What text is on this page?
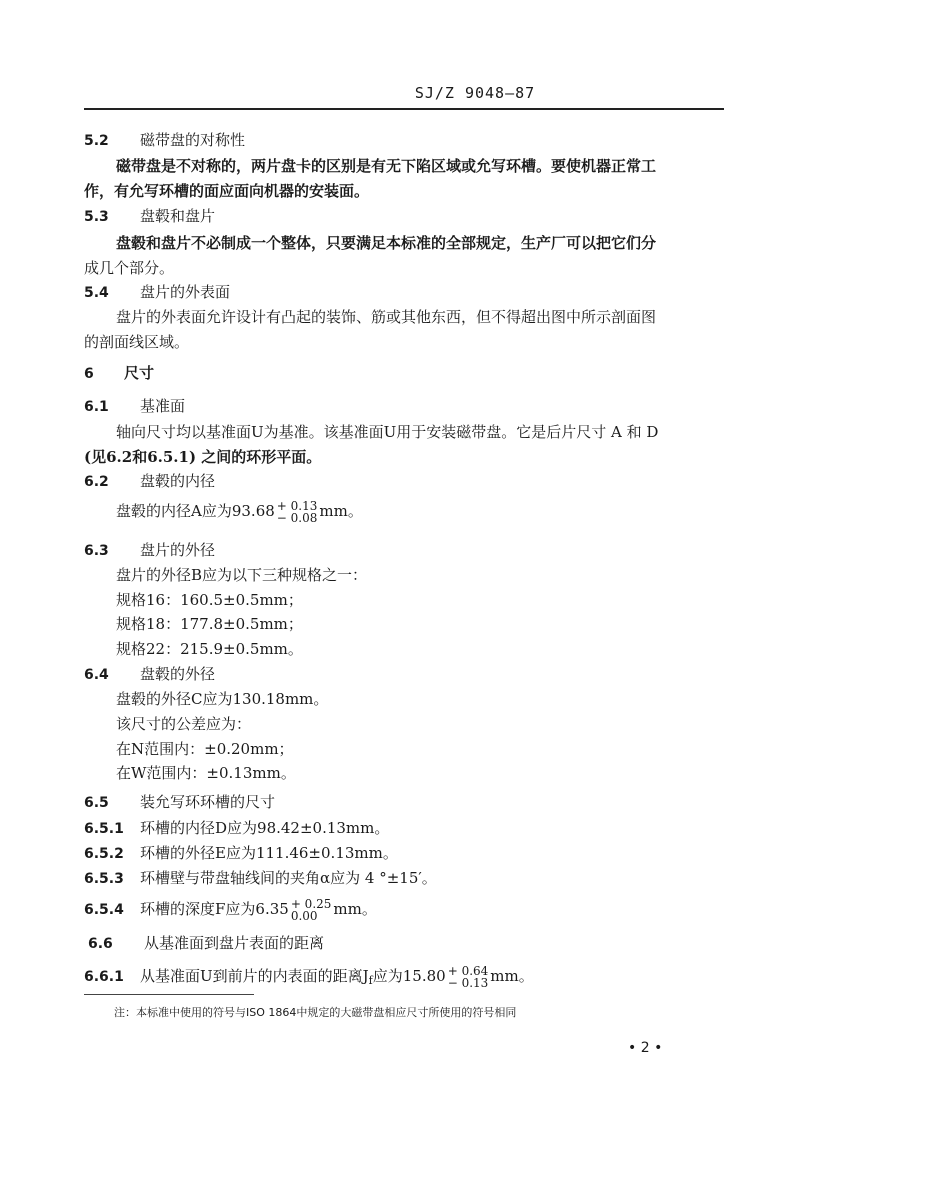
SJ/Z 9048—87
5.2 磁带盘的对称性
磁带盘是不对称的，两片盘卡的区别是有无下陷区域或允写环槽。要使机器正常工
作，有允写环槽的面应面向机器的安装面。
5.3 盘毂和盘片
盘毂和盘片不必制成一个整体，只要满足本标准的全部规定，生产厂可以把它们分
成几个部分。
5.4 盘片的外表面
盘片的外表面允许设计有凸起的装饰、筋或其他东西，但不得超出图中所示剖面图
的剖面线区域。
6 尺寸
6.1 基准面
轴向尺寸均以基准面U为基准。该基准面U用于安装磁带盘。它是后片尺寸 A 和 D
(见6.2和6.5.1) 之间的环形平面。
6.2 盘毂的内径
盘毂的内径A应为93.68 + 0.13
− 0.08 mm。
6.3 盘片的外径
盘片的外径B应为以下三种规格之一：
规格16：160.5±0.5mm；
规格18：177.8±0.5mm；
规格22：215.9±0.5mm。
6.4 盘毂的外径
盘毂的外径C应为130.18mm。
该尺寸的公差应为：
在N范围内：±0.20mm；
在W范围内：±0.13mm。
6.5 装允写环环槽的尺寸
6.5.1 环槽的内径D应为98.42±0.13mm。
6.5.2 环槽的外径E应为111.46±0.13mm。
6.5.3 环槽壁与带盘轴线间的夹角α应为 4 °±15′。
6.5.4 环槽的深度F应为6.35 + 0.25
0.00	mm。
6.6 从基准面到盘片表面的距离
6.6.1 从基准面U到前片的内表面的距离$J_f$应为15.80 + 0.64
− 0.13 mm。
注：本标准中使用的符号与ISO 1864中规定的大磁带盘相应尺寸所使用的符号相同
• 2 •
